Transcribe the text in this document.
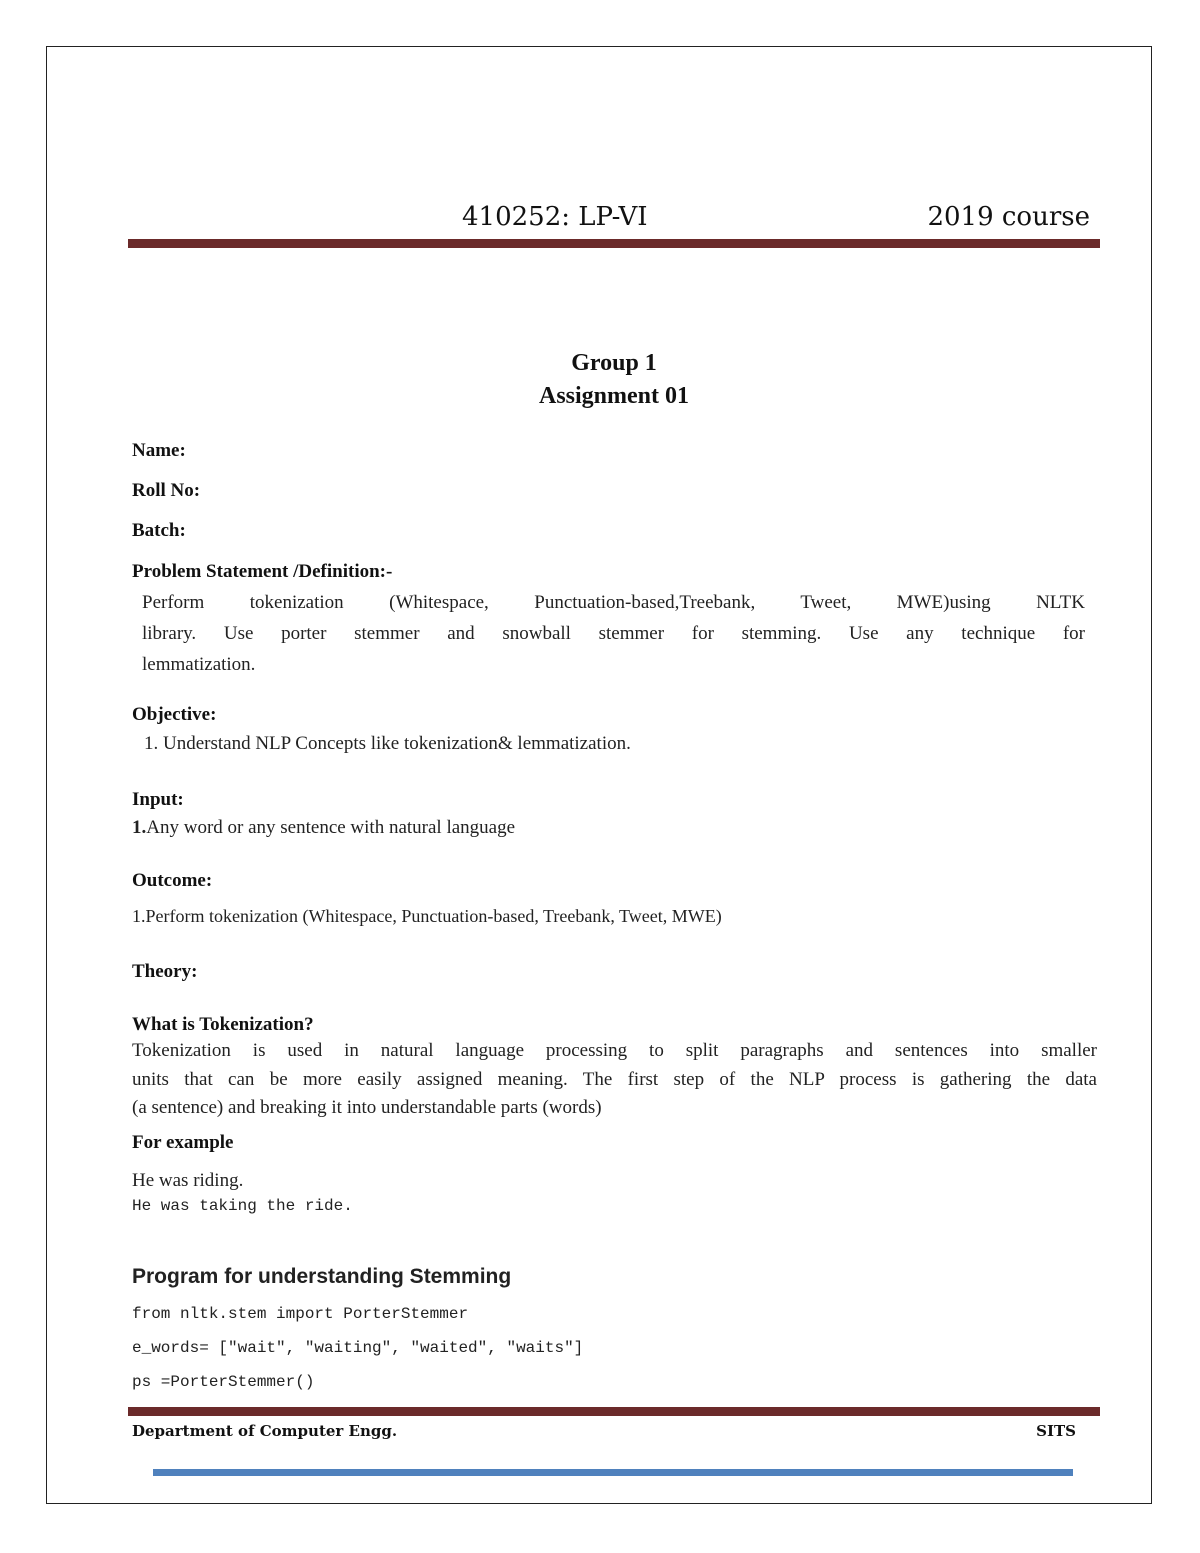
410252: LP-VI	2019 course
Group 1
Assignment 01
Name:
Roll No:
Batch:
Problem Statement /Definition:-
Perform tokenization (Whitespace, Punctuation-based,Treebank, Tweet, MWE)using NLTK
library. Use porter stemmer and snowball stemmer for stemming. Use any technique for
lemmatization.
Objective:
1. Understand NLP Concepts like tokenization& lemmatization.
Input:
1.Any word or any sentence with natural language
Outcome:
1.Perform tokenization (Whitespace, Punctuation-based, Treebank, Tweet, MWE)
Theory:
What is Tokenization?
Tokenization is used in natural language processing to split paragraphs and sentences into smaller
units that can be more easily assigned meaning. The first step of the NLP process is gathering the data
(a sentence) and breaking it into understandable parts (words)
For example
He was riding.
He was taking the ride.
Program for understanding Stemming
from nltk.stem import PorterStemmer
e_words= ["wait", "waiting", "waited", "waits"]
ps =PorterStemmer()
Department of Computer Engg.	SITS
